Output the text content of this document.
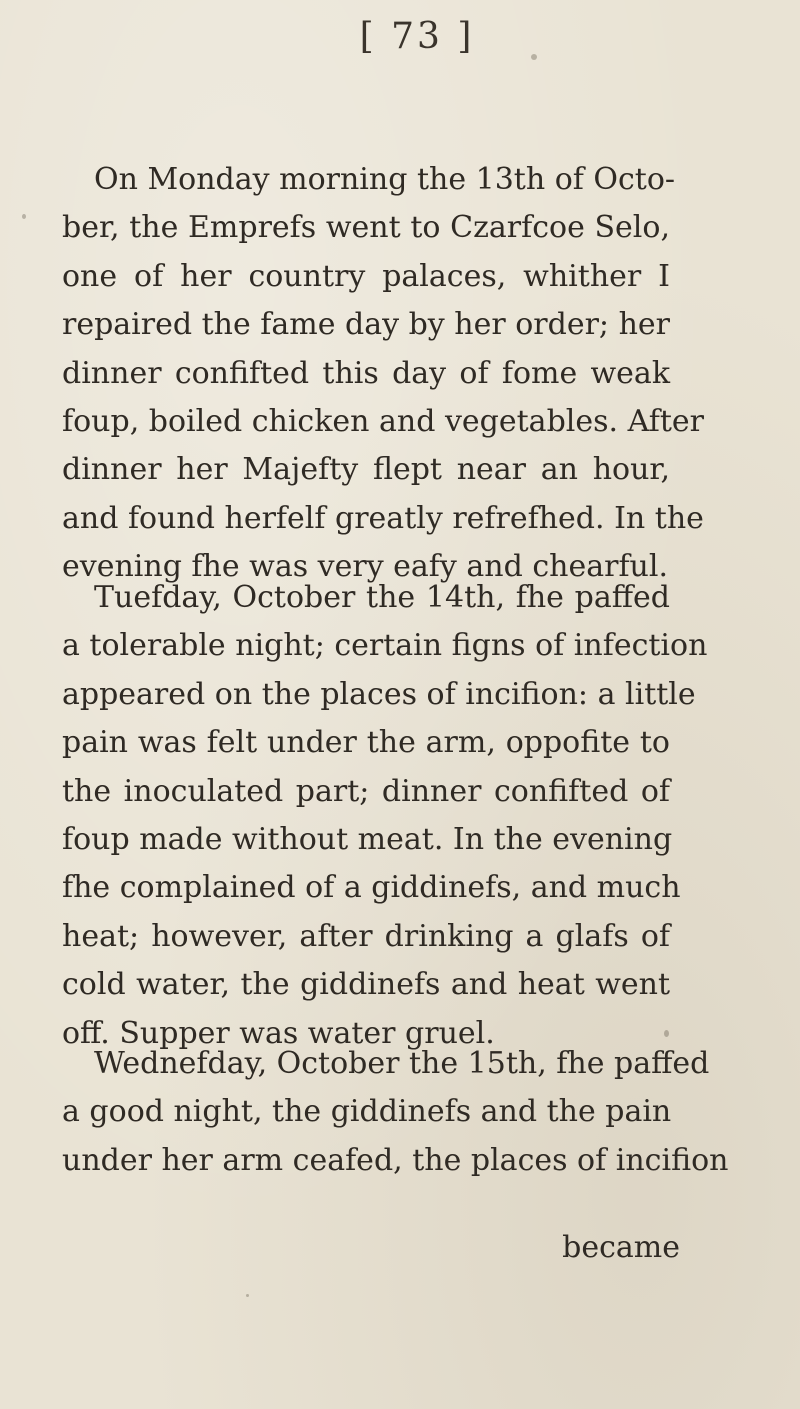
[ 73 ]
On Monday morning the 13th of Octo-
ber, the Emprefs went to Czarfcoe Selo,
one of her country palaces, whither I
repaired the fame day by her order; her
dinner confifted this day of fome weak
foup, boiled chicken and vegetables. After
dinner her Majefty flept near an hour,
and found herfelf greatly refrefhed. In the
evening fhe was very eafy and chearful.
Tuefday, October the 14th, fhe paffed
a tolerable night; certain figns of infection
appeared on the places of incifion: a little
pain was felt under the arm, oppofite to
the inoculated part; dinner confifted of
foup made without meat. In the evening
fhe complained of a giddinefs, and much
heat; however, after drinking a glafs of
cold water, the giddinefs and heat went
off. Supper was water gruel.
Wednefday, October the 15th, fhe paffed
a good night, the giddinefs and the pain
under her arm ceafed, the places of incifion
became
